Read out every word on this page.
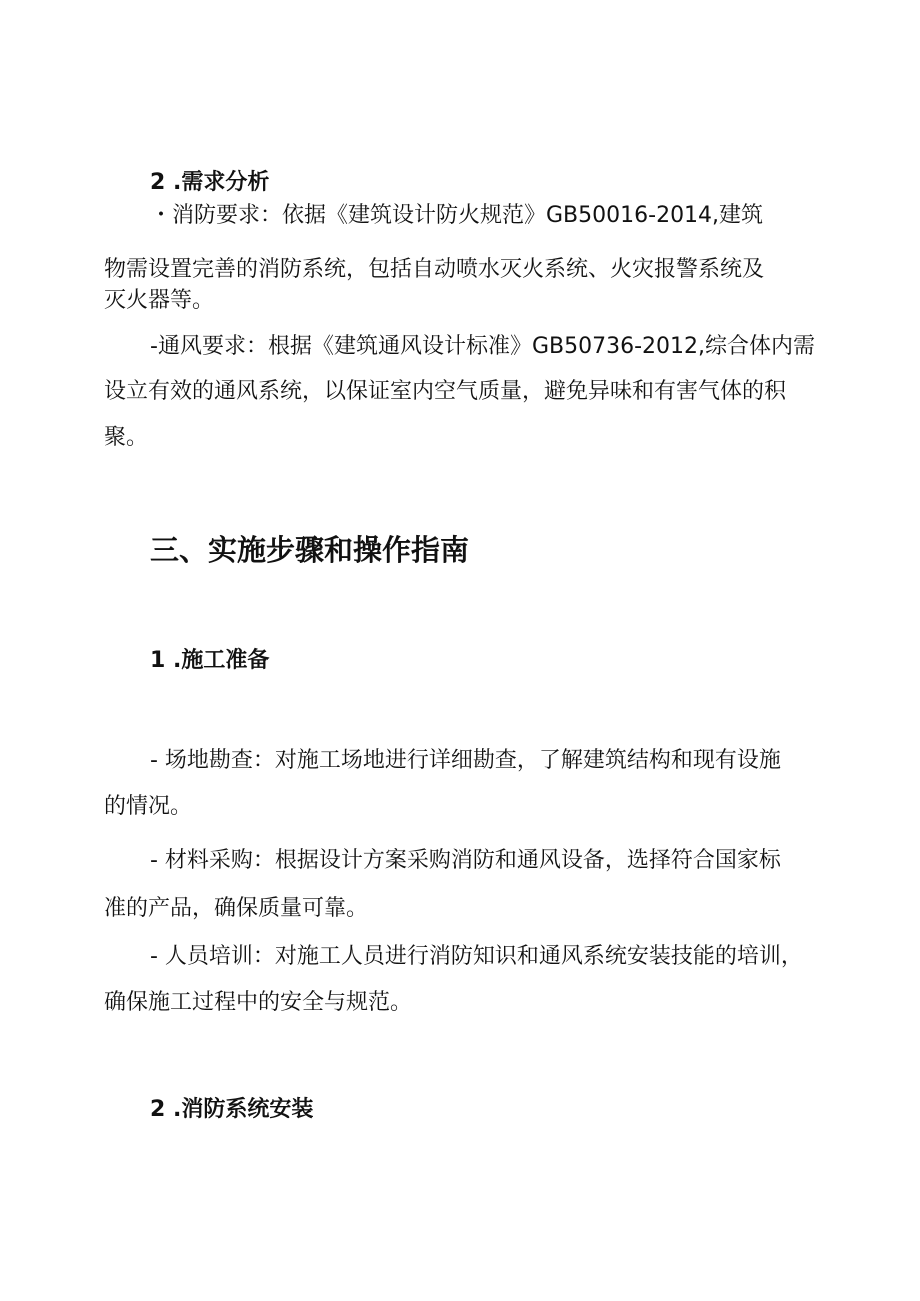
2 .需求分析
・消防要求：依据《建筑设计防火规范》GB50016-2014,建筑
物需设置完善的消防系统，包括自动喷水灭火系统、火灾报警系统及
灭火器等。
-通风要求：根据《建筑通风设计标准》GB50736-2012,综合体内需
设立有效的通风系统，以保证室内空气质量，避免异味和有害气体的积
聚。
三、实施步骤和操作指南
1 .施工准备
- 场地勘查：对施工场地进行详细勘查，了解建筑结构和现有设施
的情况。
- 材料采购：根据设计方案采购消防和通风设备，选择符合国家标
准的产品，确保质量可靠。
- 人员培训：对施工人员进行消防知识和通风系统安装技能的培训，
确保施工过程中的安全与规范。
2 .消防系统安装
